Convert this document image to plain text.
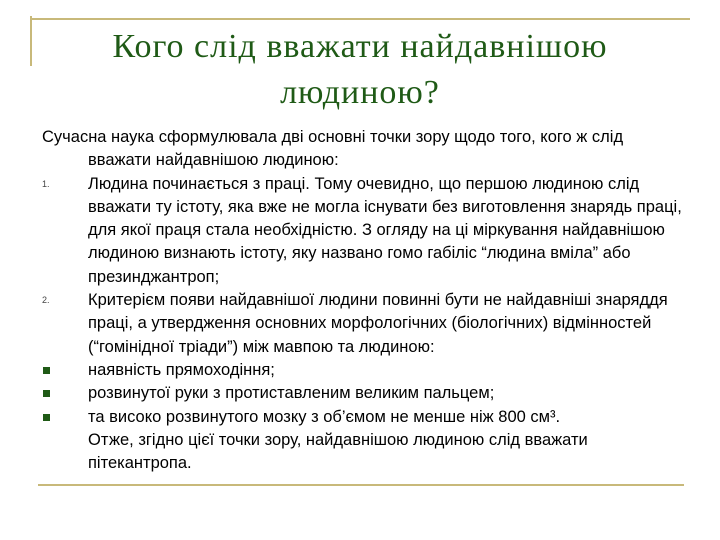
Кого слід вважати найдавнішою
людиною?

Сучасна наука сформулювала дві основні точки зору щодо того, кого ж слід вважати найдавнішою людиною:

1. Людина починається з праці. Тому очевидно, що першою людиною слід вважати ту істоту, яка вже не могла існувати без виготовлення знарядь праці, для якої праця стала необхідністю. З огляду на ці міркування найдавнішою людиною визнають істоту, яку названо гомо габіліс “людина вміла” або презинджантроп;
2. Критерієм появи найдавнішої людини повинні бути не найдавніші знаряддя праці, а утвердження основних морфологічних (біологічних) відмінностей (“гомінідної тріади”) між мавпою та людиною:
наявність прямоходіння;
розвинутої руки з протиставленим великим пальцем;
та високо розвинутого мозку з об’ємом не менше ніж 800 см³.

Отже, згідно цієї точки зору, найдавнішою людиною слід вважати пітекантропа.
